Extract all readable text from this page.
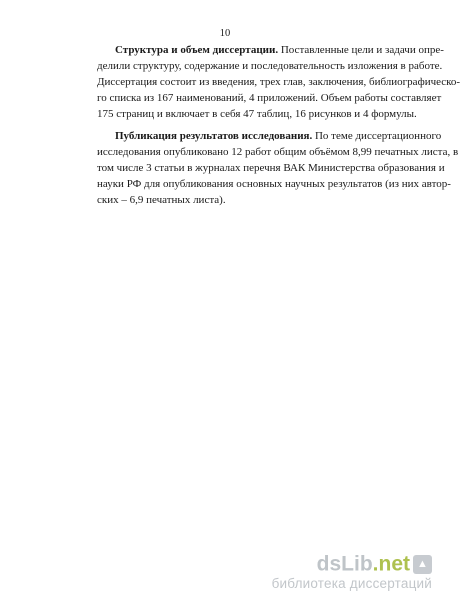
10
Структура и объем диссертации. Поставленные цели и задачи опре-
делили структуру, содержание и последовательность изложения в работе.
Диссертация состоит из введения, трех глав, заключения, библиографическо-
го списка из 167 наименований, 4 приложений. Объем работы составляет
175 страниц и включает в себя 47 таблиц, 16 рисунков и 4 формулы.
Публикация результатов исследования. По теме диссертационного
исследования опубликовано 12 работ общим объёмом 8,99 печатных листа, в
том числе 3 статьи в журналах перечня ВАК Министерства образования и
науки РФ для опубликования основных научных результатов (из них автор-
ских – 6,9 печатных листа).
dsLib.net ▲
библиотека диссертаций
